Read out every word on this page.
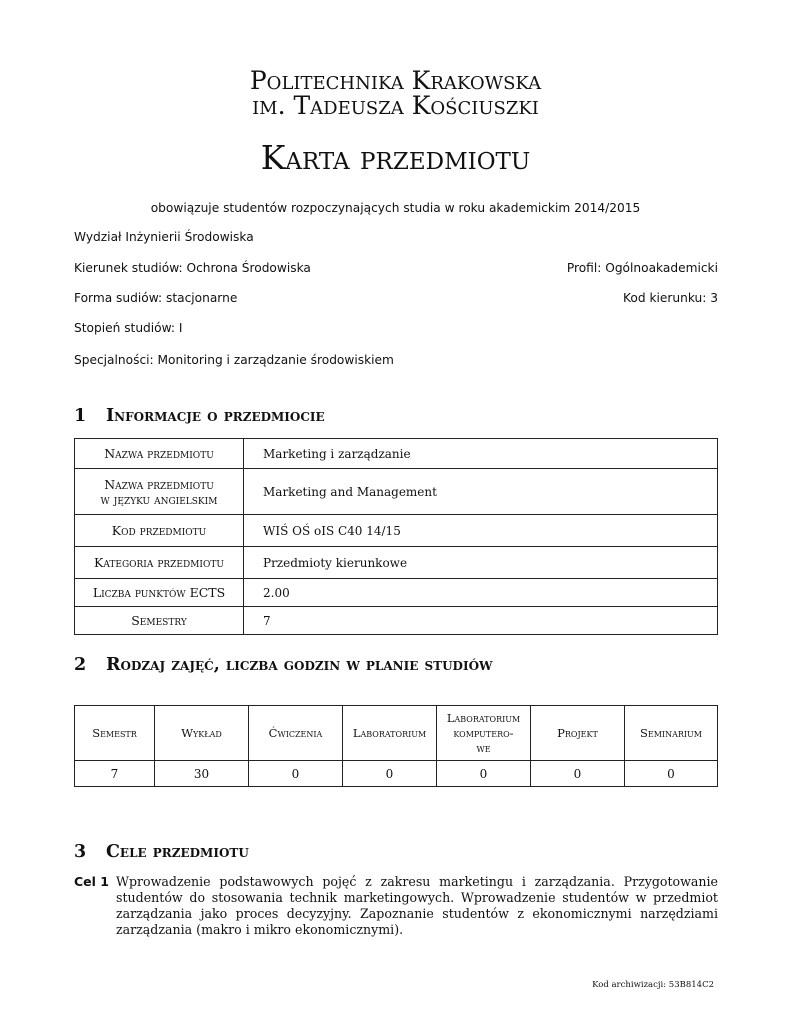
Politechnika Krakowska
im. Tadeusza Kościuszki
Karta przedmiotu
obowiązuje studentów rozpoczynających studia w roku akademickim 2014/2015
Wydział Inżynierii Środowiska
Kierunek studiów: Ochrona Środowiska	Profil: Ogólnoakademicki
Forma sudiów: stacjonarne	Kod kierunku: 3
Stopień studiów: I
Specjalności: Monitoring i zarządzanie środowiskiem
1 Informacje o przedmiocie
Nazwa przedmiotu	Marketing i zarządzanie

Nazwa przedmiotu
w języku angielskim	Marketing and Management
Kod przedmiotu	WIŚ OŚ oIS C40 14/15
Kategoria przedmiotu	Przedmioty kierunkowe
Liczba punktów ECTS	2.00
Semestry	7
2 Rodzaj zajęć, liczba godzin w planie studiów
Semestr	Wykład	Ćwiczenia	Laboratorium	Laboratorium
komputero-
we	Projekt	Seminarium
7	30	0	0	0	0	0
3 Cele przedmiotu
Cel 1 Wprowadzenie podstawowych pojęć z zakresu marketingu i zarządzania. Przygotowanie studentów do stosowania technik marketingowych. Wprowadzenie studentów w przedmiot zarządzania jako proces decyzyjny. Zapoznanie studentów z ekonomicznymi narzędziami zarządzania (makro i mikro ekonomicznymi).
Kod archiwizacji: 53B814C2
